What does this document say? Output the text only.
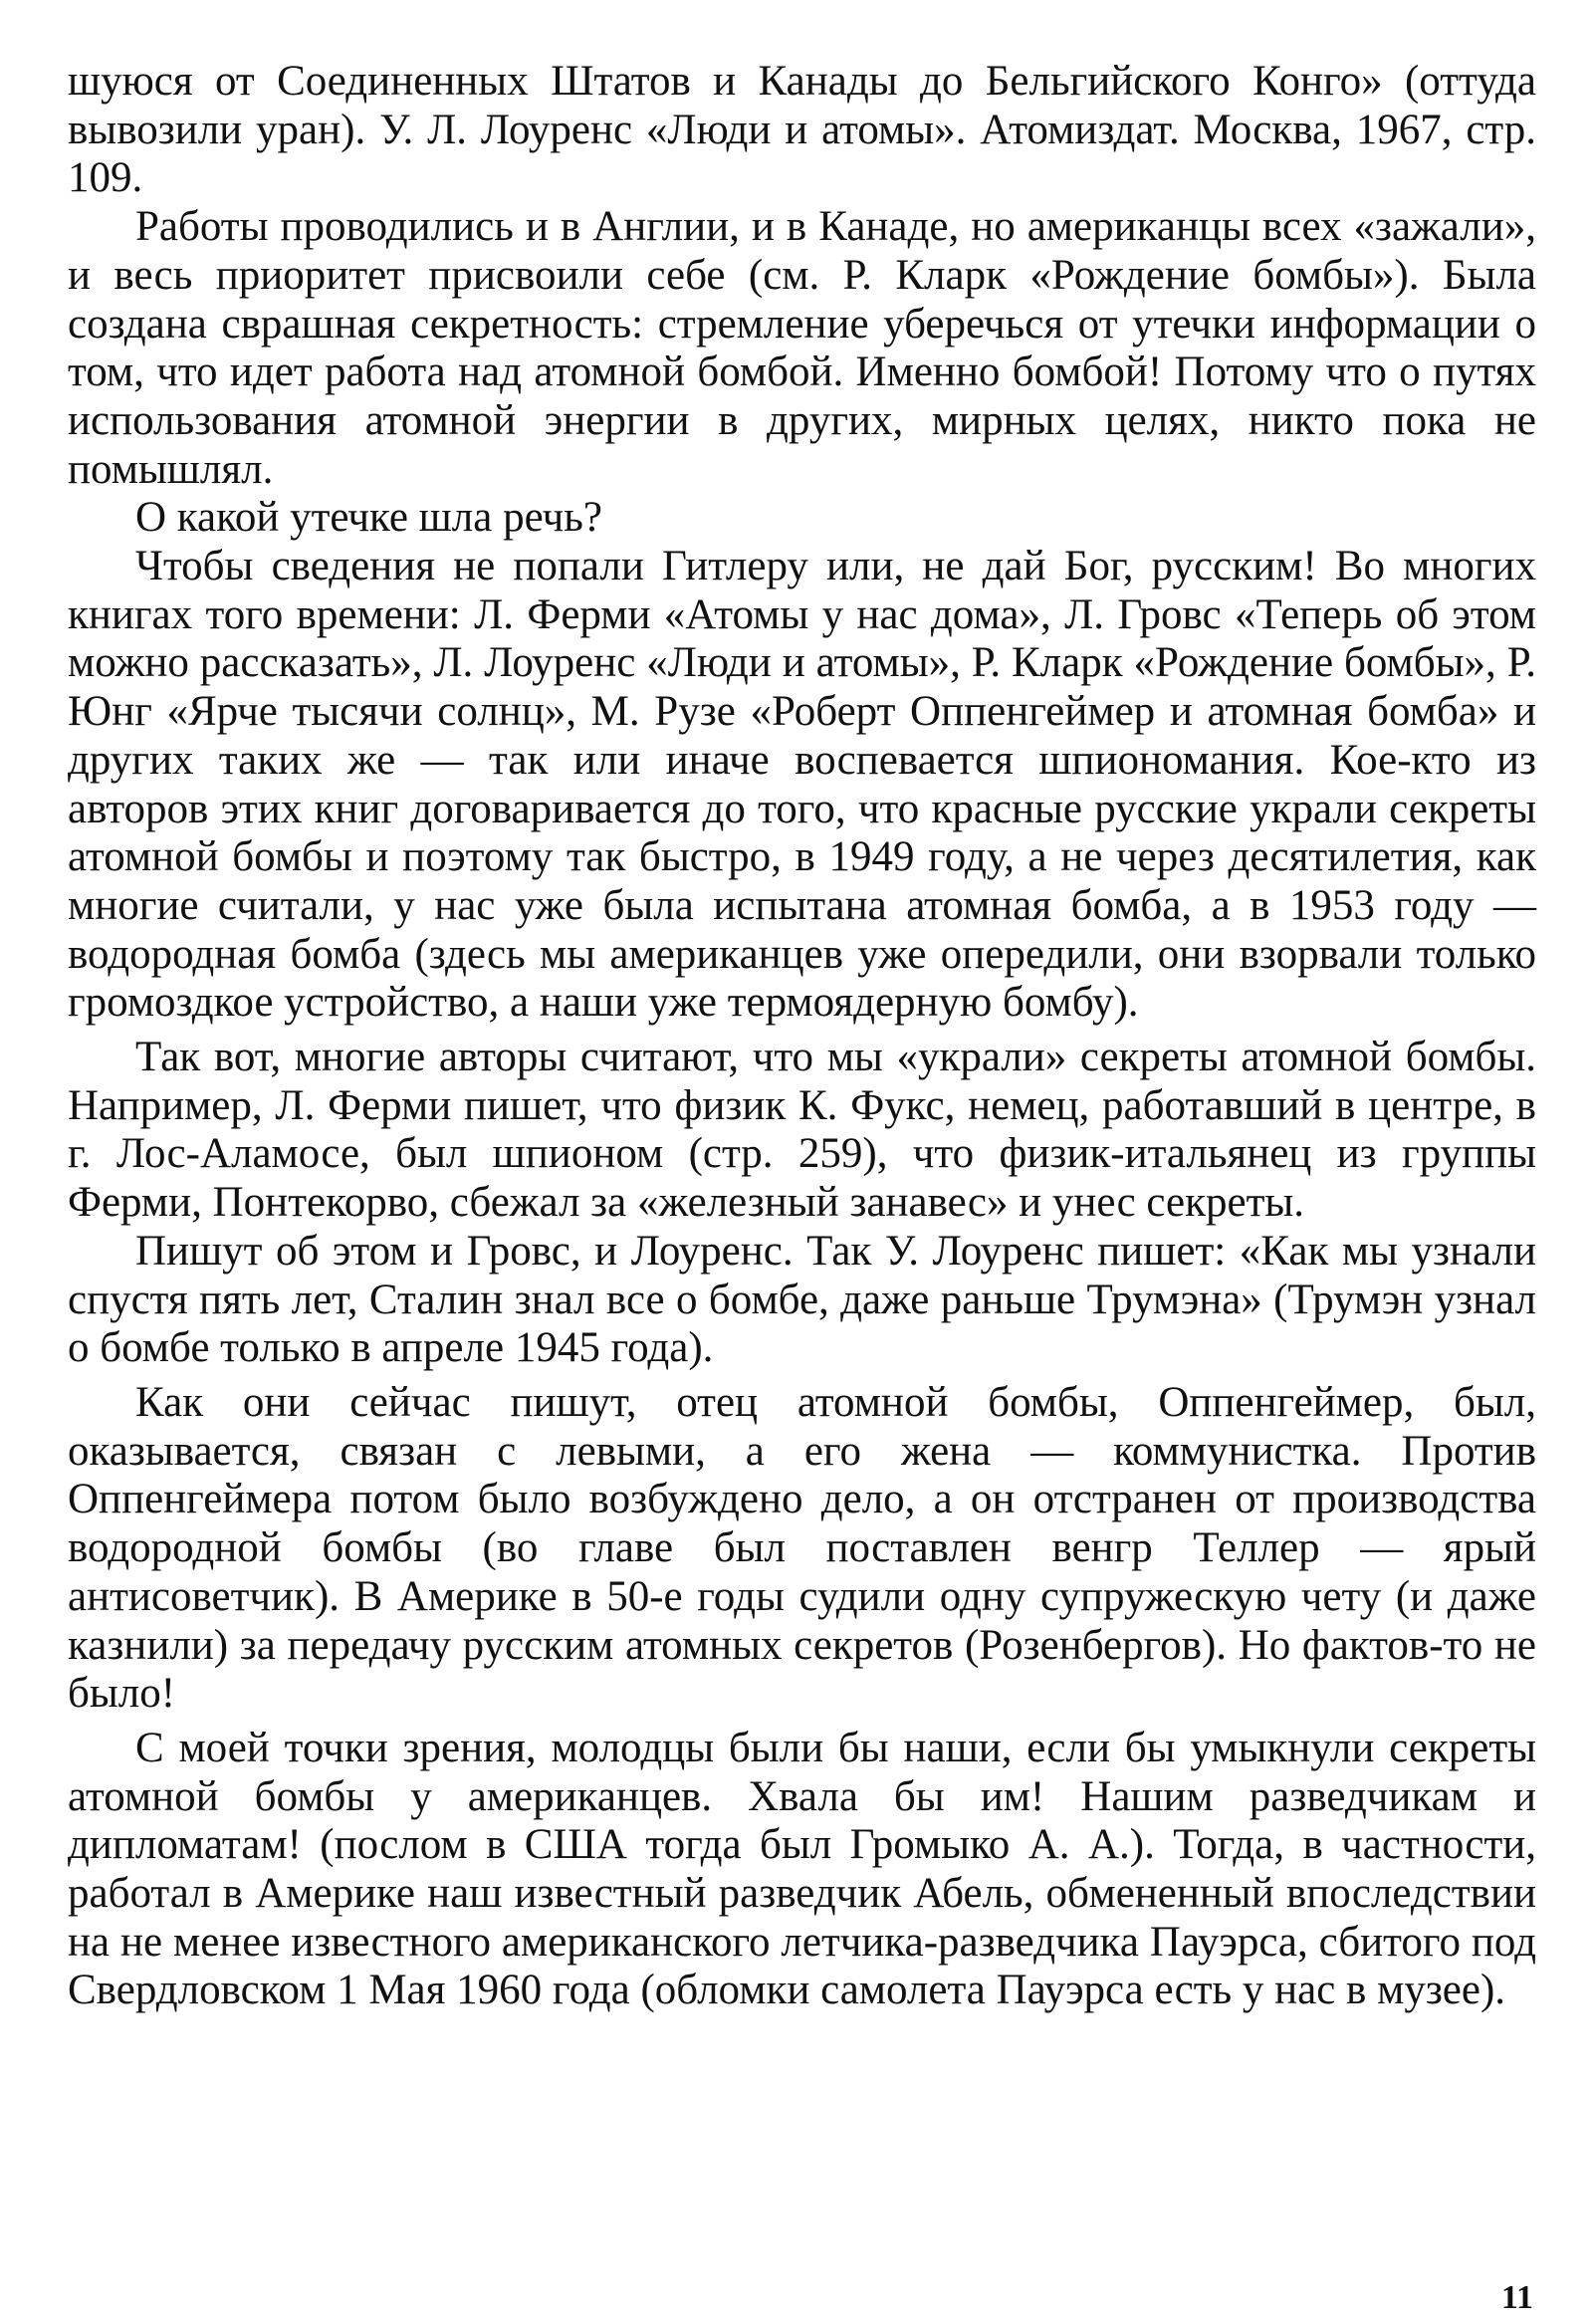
шуюся от Соединенных Штатов и Канады до Бельгийского Конго» (оттуда вывозили уран). У. Л. Лоуренс «Люди и атомы». Атомиздат. Москва, 1967, стр. 109.

Работы проводились и в Англии, и в Канаде, но американцы всех «зажали», и весь приоритет присвоили себе (см. Р. Кларк «Рождение бомбы»). Была создана сврашная секретность: стремление уберечься от утечки информации о том, что идет работа над атомной бомбой. Именно бомбой! Потому что о путях использования атомной энергии в других, мирных целях, никто пока не помышлял.

О какой утечке шла речь?

Чтобы сведения не попали Гитлеру или, не дай Бог, русским! Во многих книгах того времени: Л. Ферми «Атомы у нас дома», Л. Гровс «Теперь об этом можно рассказать», Л. Лоуренс «Люди и атомы», Р. Кларк «Рождение бомбы», Р. Юнг «Ярче тысячи солнц», М. Рузе «Роберт Оппенгеймер и атомная бомба» и других таких же — так или иначе воспевается шпиономания. Кое-кто из авторов этих книг договаривается до того, что красные русские украли секреты атомной бомбы и поэтому так быстро, в 1949 году, а не через десятилетия, как многие считали, у нас уже была испытана атомная бомба, а в 1953 году — водородная бомба (здесь мы американцев уже опередили, они взорвали только громоздкое устройство, а наши уже термоядерную бомбу).

Так вот, многие авторы считают, что мы «украли» секреты атомной бомбы. Например, Л. Ферми пишет, что физик К. Фукс, немец, работавший в центре, в г. Лос-Аламосе, был шпионом (стр. 259), что физик-итальянец из группы Ферми, Понтекорво, сбежал за «железный занавес» и унес секреты.

Пишут об этом и Гровс, и Лоуренс. Так У. Лоуренс пишет: «Как мы узнали спустя пять лет, Сталин знал все о бомбе, даже раньше Трумэна» (Трумэн узнал о бомбе только в апреле 1945 года).

Как они сейчас пишут, отец атомной бомбы, Оппенгеймер, был, оказывается, связан с левыми, а его жена — коммунистка. Против Оппенгеймера потом было возбуждено дело, а он отстранен от производства водородной бомбы (во главе был поставлен венгр Теллер — ярый антисоветчик). В Америке в 50-е годы судили одну супружескую чету (и даже казнили) за передачу русским атомных секретов (Розенбергов). Но фактов-то не было!

С моей точки зрения, молодцы были бы наши, если бы умыкнули секреты атомной бомбы у американцев. Хвала бы им! Нашим разведчикам и дипломатам! (послом в США тогда был Громыко А. А.). Тогда, в частности, работал в Америке наш известный разведчик Абель, обмененный впоследствии на не менее известного американского летчика-разведчика Пауэрса, сбитого под Свердловском 1 Мая 1960 года (обломки самолета Пауэрса есть у нас в музее).

11
